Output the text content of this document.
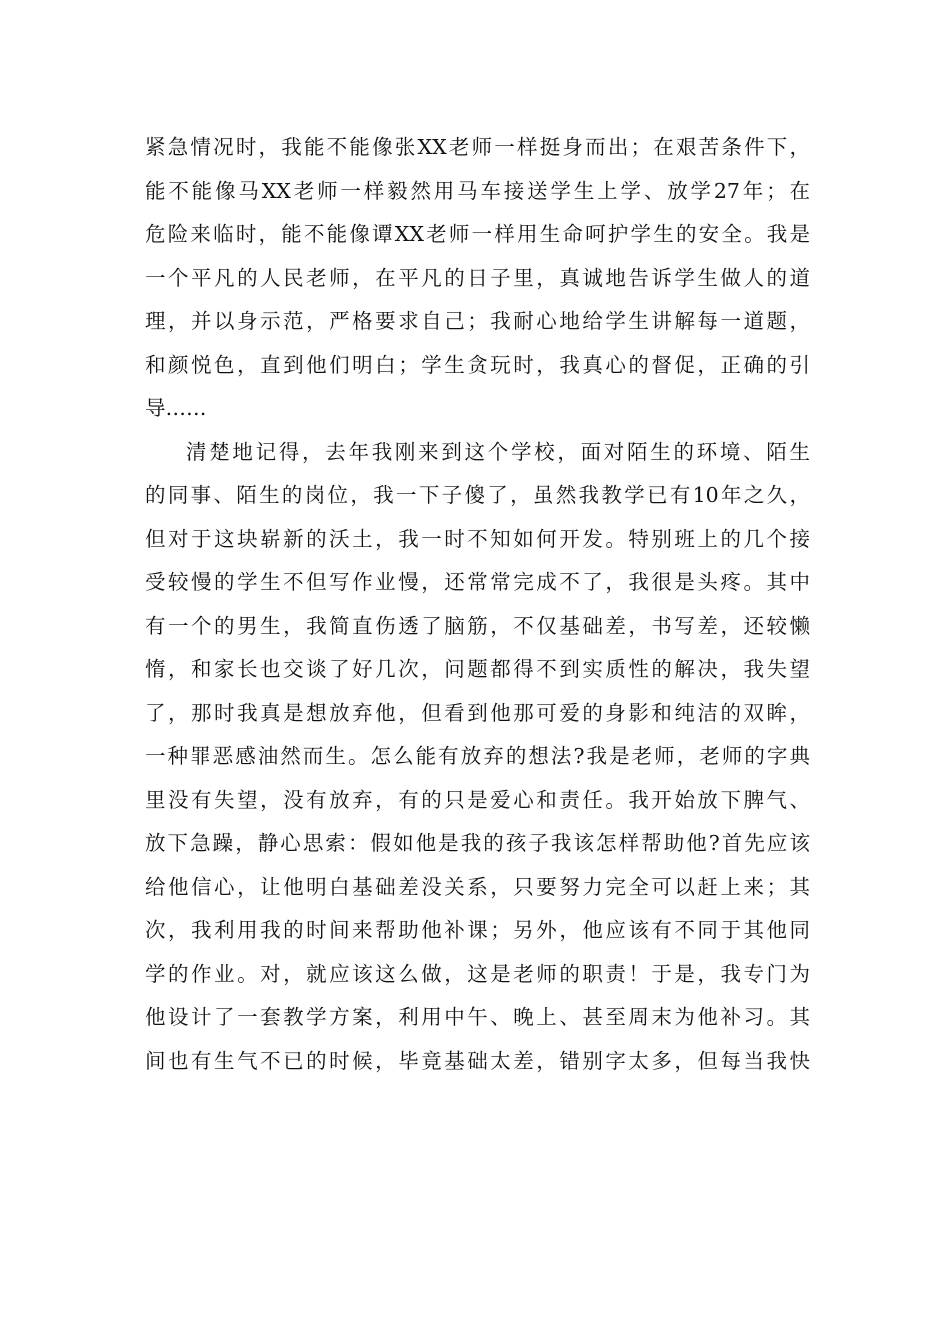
紧急情况时，我能不能像张XX老师一样挺身而出；在艰苦条件下，
能不能像马XX老师一样毅然用马车接送学生上学、放学27年；在
危险来临时，能不能像谭XX老师一样用生命呵护学生的安全。我是
一个平凡的人民老师，在平凡的日子里，真诚地告诉学生做人的道
理，并以身示范，严格要求自己；我耐心地给学生讲解每一道题，
和颜悦色，直到他们明白；学生贪玩时，我真心的督促，正确的引
导……
清楚地记得，去年我刚来到这个学校，面对陌生的环境、陌生
的同事、陌生的岗位，我一下子傻了，虽然我教学已有10年之久，
但对于这块崭新的沃土，我一时不知如何开发。特别班上的几个接
受较慢的学生不但写作业慢，还常常完成不了，我很是头疼。其中
有一个的男生，我简直伤透了脑筋，不仅基础差，书写差，还较懒
惰，和家长也交谈了好几次，问题都得不到实质性的解决，我失望
了，那时我真是想放弃他，但看到他那可爱的身影和纯洁的双眸，
一种罪恶感油然而生。怎么能有放弃的想法?我是老师，老师的字典
里没有失望，没有放弃，有的只是爱心和责任。我开始放下脾气、
放下急躁，静心思索：假如他是我的孩子我该怎样帮助他?首先应该
给他信心，让他明白基础差没关系，只要努力完全可以赶上来；其
次，我利用我的时间来帮助他补课；另外，他应该有不同于其他同
学的作业。对，就应该这么做，这是老师的职责！于是，我专门为
他设计了一套教学方案，利用中午、晚上、甚至周末为他补习。其
间也有生气不已的时候，毕竟基础太差，错别字太多，但每当我快
